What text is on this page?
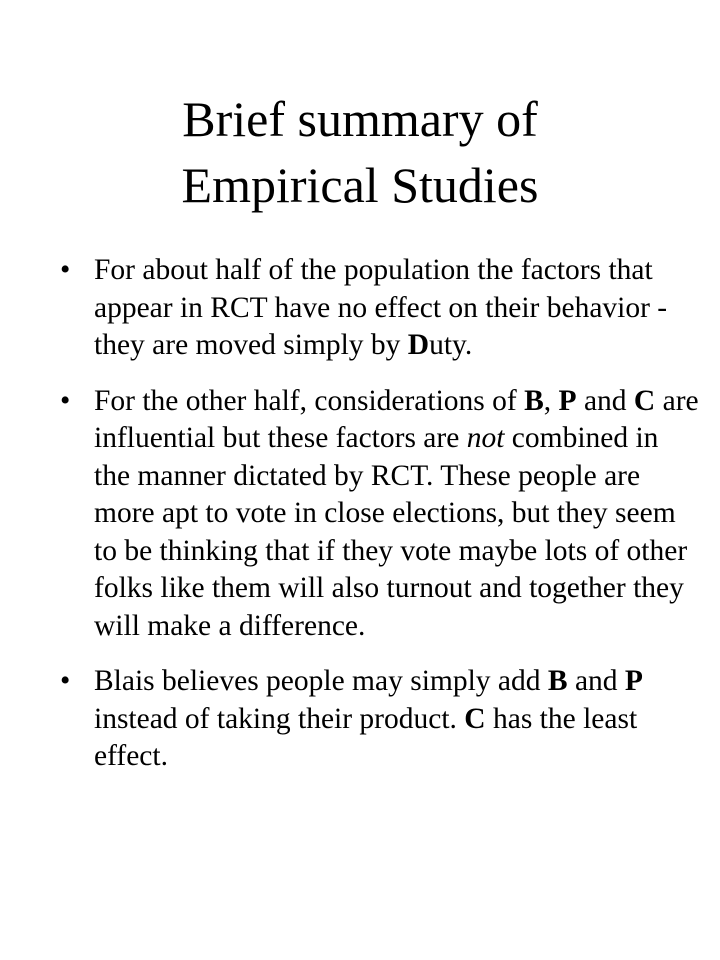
Brief summary of
Empirical Studies
• For about half of the population the factors that appear in RCT have no effect on their behavior - they are moved simply by Duty.
• For the other half, considerations of B, P and C are influential but these factors are not combined in the manner dictated by RCT. These people are more apt to vote in close elections, but they seem to be thinking that if they vote maybe lots of other folks like them will also turnout and together they will make a difference.
• Blais believes people may simply add B and P instead of taking their product. C has the least effect.
